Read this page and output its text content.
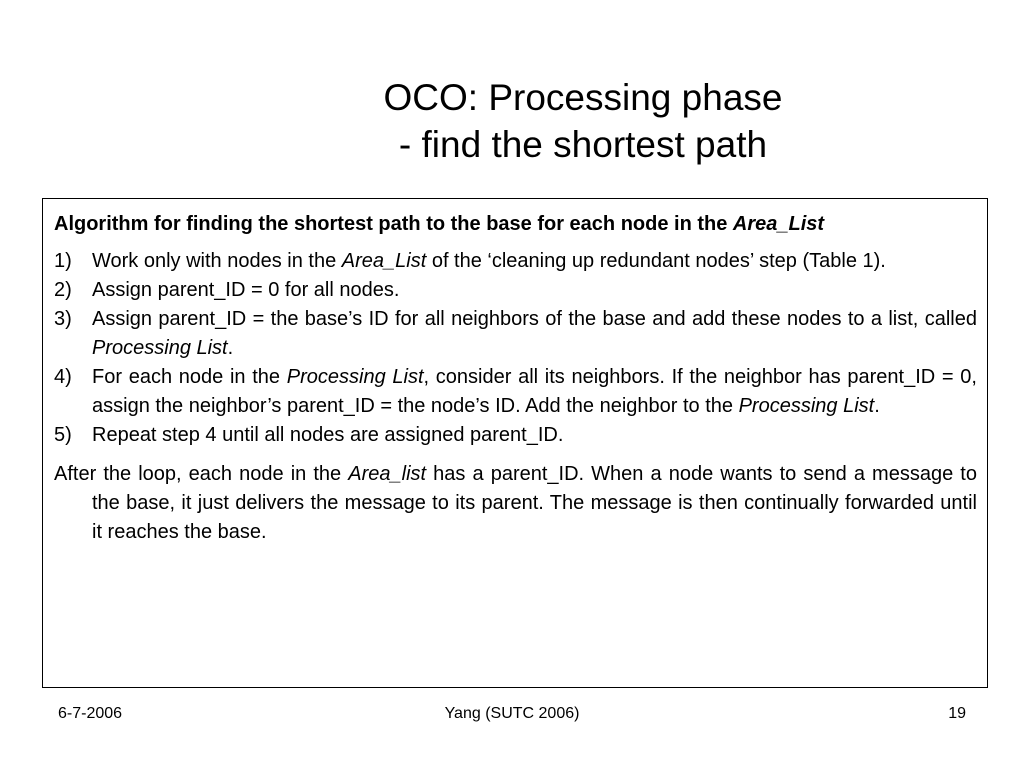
OCO: Processing phase
- find the shortest path
Algorithm for finding the shortest path to the base for each node in the Area_List
1)	Work only with nodes in the Area_List of the ‘cleaning up redundant nodes’ step (Table 1).
2)	Assign parent_ID = 0 for all nodes.
3)	Assign parent_ID = the base’s ID for all neighbors of the base and add these nodes to a list, called Processing List.
4)	For each node in the Processing List, consider all its neighbors. If the neighbor has parent_ID = 0, assign the neighbor’s parent_ID = the node’s ID. Add the neighbor to the Processing List.
5)	Repeat step 4 until all nodes are assigned parent_ID.
After the loop, each node in the Area_list has a parent_ID. When a node wants to send a message to the base, it just delivers the message to its parent. The message is then continually forwarded until it reaches the base.
6-7-2006	Yang (SUTC 2006)	19
